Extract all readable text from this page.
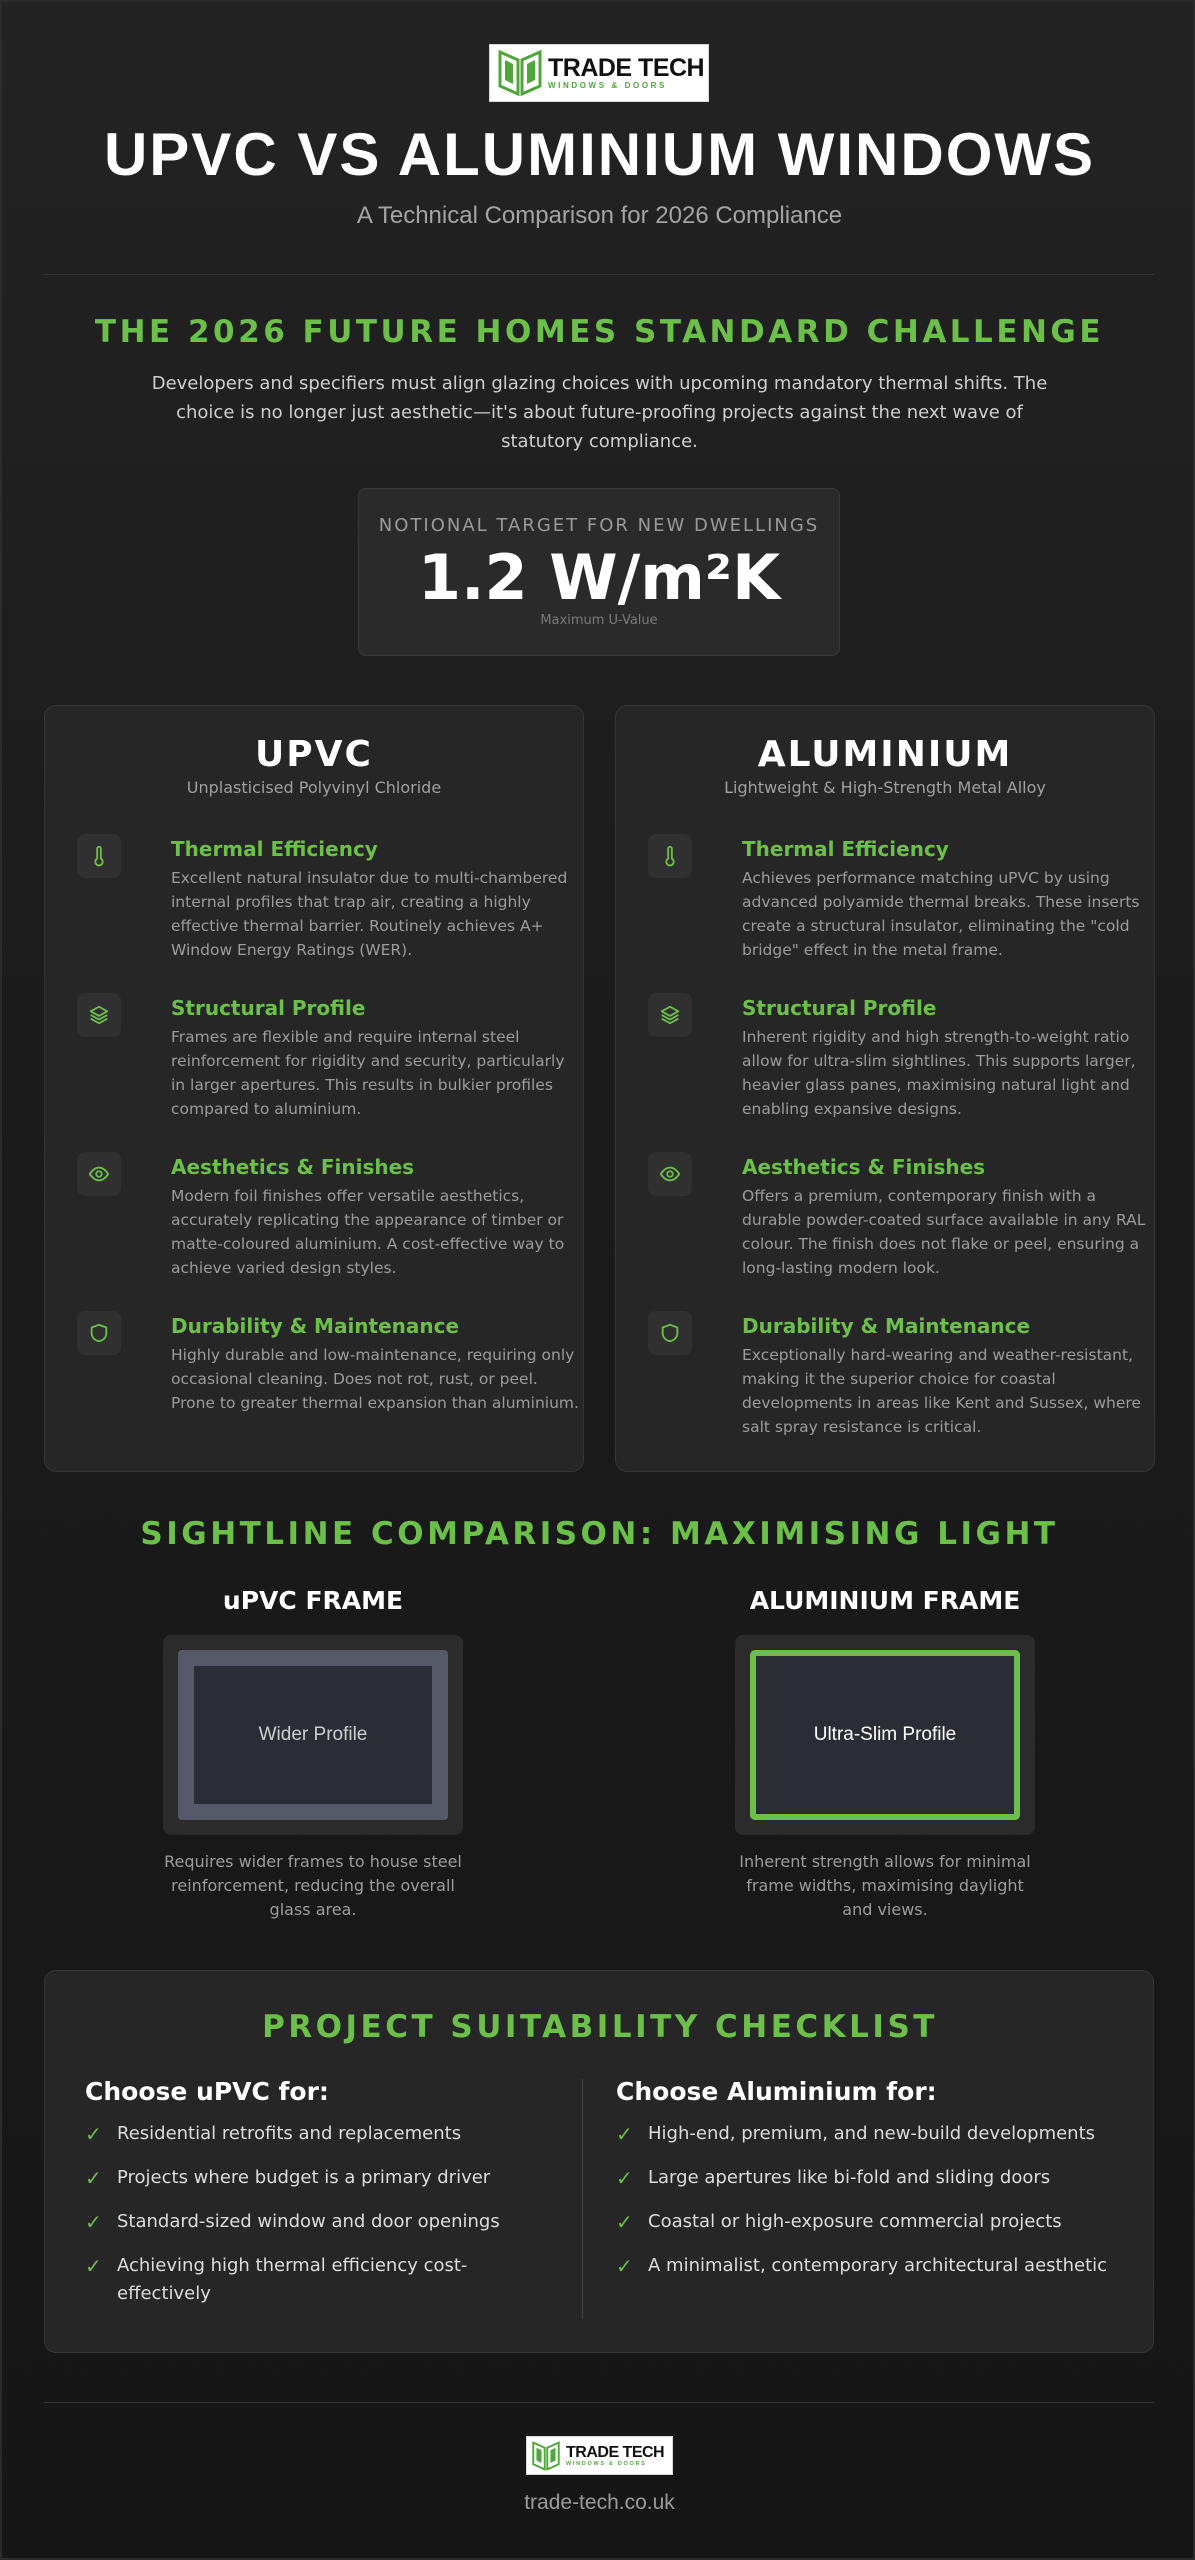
TRADE TECH
WINDOWS & DOORS
UPVC VS ALUMINIUM WINDOWS
A Technical Comparison for 2026 Compliance
THE 2026 FUTURE HOMES STANDARD CHALLENGE

Developers and specifiers must align glazing choices with upcoming mandatory thermal shifts. The choice is no longer just aesthetic—it's about future-proofing projects against the next wave of statutory compliance.

NOTIONAL TARGET FOR NEW DWELLINGS
1.2 W/m²K
Maximum U-Value
UPVC
Unplasticised Polyvinyl Chloride
Thermal Efficiency
Excellent natural insulator due to multi-chambered internal profiles that trap air, creating a highly effective thermal barrier. Routinely achieves A+ Window Energy Ratings (WER).
Structural Profile
Frames are flexible and require internal steel reinforcement for rigidity and security, particularly in larger apertures. This results in bulkier profiles compared to aluminium.
Aesthetics & Finishes
Modern foil finishes offer versatile aesthetics, accurately replicating the appearance of timber or matte-coloured aluminium. A cost-effective way to achieve varied design styles.
Durability & Maintenance
Highly durable and low-maintenance, requiring only occasional cleaning. Does not rot, rust, or peel. Prone to greater thermal expansion than aluminium.
ALUMINIUM
Lightweight & High-Strength Metal Alloy
Thermal Efficiency
Achieves performance matching uPVC by using advanced polyamide thermal breaks. These inserts create a structural insulator, eliminating the "cold bridge" effect in the metal frame.
Structural Profile
Inherent rigidity and high strength-to-weight ratio allow for ultra-slim sightlines. This supports larger, heavier glass panes, maximising natural light and enabling expansive designs.
Aesthetics & Finishes
Offers a premium, contemporary finish with a durable powder-coated surface available in any RAL colour. The finish does not flake or peel, ensuring a long-lasting modern look.
Durability & Maintenance
Exceptionally hard-wearing and weather-resistant, making it the superior choice for coastal developments in areas like Kent and Sussex, where salt spray resistance is critical.
SIGHTLINE COMPARISON: MAXIMISING LIGHT
uPVC FRAME
Wider Profile
Requires wider frames to house steel reinforcement, reducing the overall glass area.
ALUMINIUM FRAME
Ultra-Slim Profile
Inherent strength allows for minimal frame widths, maximising daylight and views.
PROJECT SUITABILITY CHECKLIST
Choose uPVC for:
✓ Residential retrofits and replacements
✓ Projects where budget is a primary driver
✓ Standard-sized window and door openings
✓ Achieving high thermal efficiency cost-effectively
Choose Aluminium for:
✓ High-end, premium, and new-build developments
✓ Large apertures like bi-fold and sliding doors
✓ Coastal or high-exposure commercial projects
✓ A minimalist, contemporary architectural aesthetic
TRADE TECH
WINDOWS & DOORS
trade-tech.co.uk
